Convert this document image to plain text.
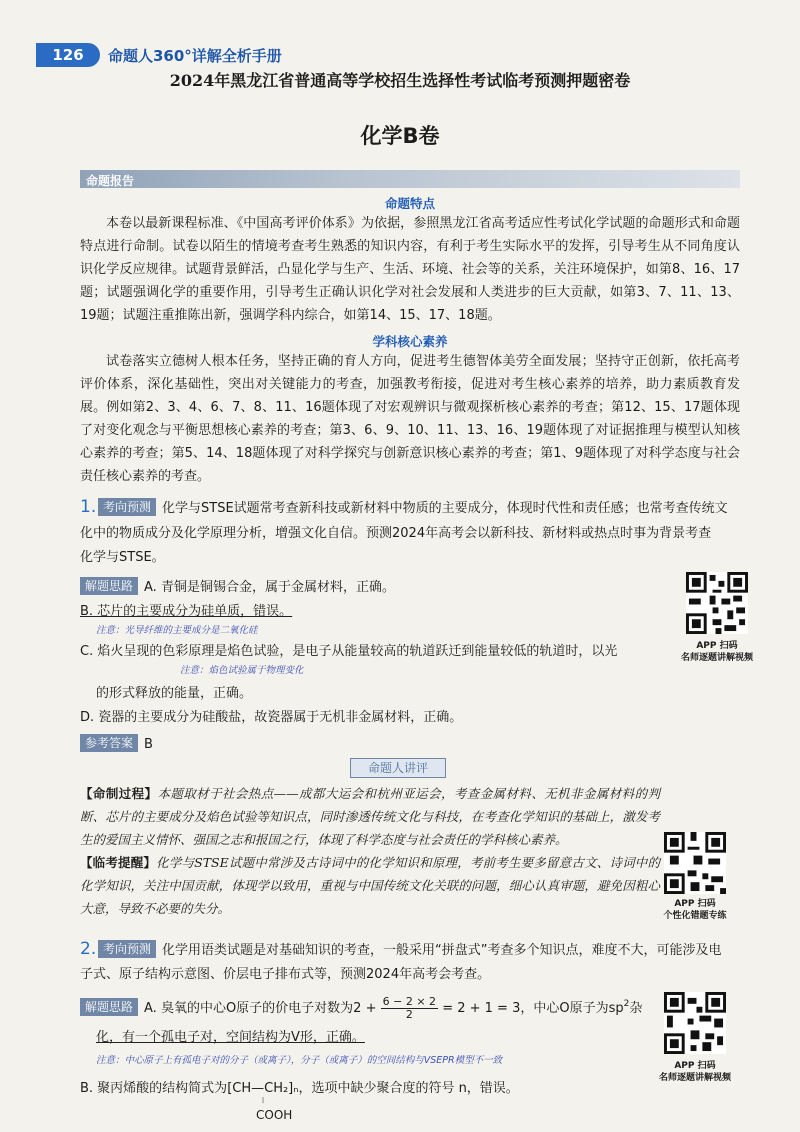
126	命题人360°详解全析手册
2024年黑龙江省普通高等学校招生选择性考试临考预测押题密卷
化学B卷
命题报告
命题特点
本卷以最新课程标准、《中国高考评价体系》为依据，参照黑龙江省高考适应性考试化学试题的命题形式和命题特点进行命制。试卷以陌生的情境考查考生熟悉的知识内容，有利于考生实际水平的发挥，引导考生从不同角度认识化学反应规律。试题背景鲜活，凸显化学与生产、生活、环境、社会等的关系，关注环境保护，如第8、16、17题；试题强调化学的重要作用，引导考生正确认识化学对社会发展和人类进步的巨大贡献，如第3、7、11、13、19题；试题注重推陈出新，强调学科内综合，如第14、15、17、18题。
学科核心素养
试卷落实立德树人根本任务，坚持正确的育人方向，促进考生德智体美劳全面发展；坚持守正创新，依托高考评价体系，深化基础性，突出对关键能力的考查，加强教考衔接，促进对考生核心素养的培养，助力素质教育发展。例如第2、3、4、6、7、8、11、16题体现了对宏观辨识与微观探析核心素养的考查；第12、15、17题体现了对变化观念与平衡思想核心素养的考查；第3、6、9、10、11、13、16、19题体现了对证据推理与模型认知核心素养的考查；第5、14、18题体现了对科学探究与创新意识核心素养的考查；第1、9题体现了对科学态度与社会责任核心素养的考查。
1. 考向预测 化学与STSE试题常考查新科技或新材料中物质的主要成分，体现时代性和责任感；也常考查传统文
化中的物质成分及化学原理分析，增强文化自信。预测2024年高考会以新科技、新材料或热点时事为背景考查
化学与STSE。
解题思路 A. 青铜是铜锡合金，属于金属材料，正确。
B. 芯片的主要成分为硅单质，错误。
注意：光导纤维的主要成分是二氧化硅
C. 焰火呈现的色彩原理是焰色试验，是电子从能量较高的轨道跃迁到能量较低的轨道时，以光
注意：焰色试验属于物理变化
的形式释放的能量，正确。
D. 瓷器的主要成分为硅酸盐，故瓷器属于无机非金属材料，正确。
参考答案 B
APP 扫码
名师逐题讲解视频
命题人讲评
【命制过程】本题取材于社会热点——成都大运会和杭州亚运会，考查金属材料、无机非金属材料的判断、芯片的主要成分及焰色试验等知识点，同时渗透传统文化与科技，在考查化学知识的基础上，激发考生的爱国主义情怀、强国之志和报国之行，体现了科学态度与社会责任的学科核心素养。
【临考提醒】化学与STSE试题中常涉及古诗词中的化学知识和原理，考前考生要多留意古文、诗词中的化学知识，关注中国贡献，体现学以致用，重视与中国传统文化关联的问题，细心认真审题，避免因粗心大意，导致不必要的失分。	APP 扫码
个性化错题专练
2. 考向预测 化学用语类试题是对基础知识的考查，一般采用“拼盘式”考查多个知识点，难度不大，可能涉及电
子式、原子结构示意图、价层电子排布式等，预测2024年高考会考查。
解题思路 A. 臭氧的中心O原子的价电子对数为$2 + \frac{6 - 2 \times 2}{2} = 2 + 1 = 3$，中心O原子为$sp^2$杂
化，有一个孤电子对，空间结构为V形，正确。
注意：中心原子上有孤电子对的分子（或离子），分子（或离子）的空间结构与VSEPR模型不一致
B. 聚丙烯酸的结构简式为[CH—CH₂]ₙ，选项中缺少聚合度的符号 n，错误。
|
COOH
APP 扫码
名师逐题讲解视频
